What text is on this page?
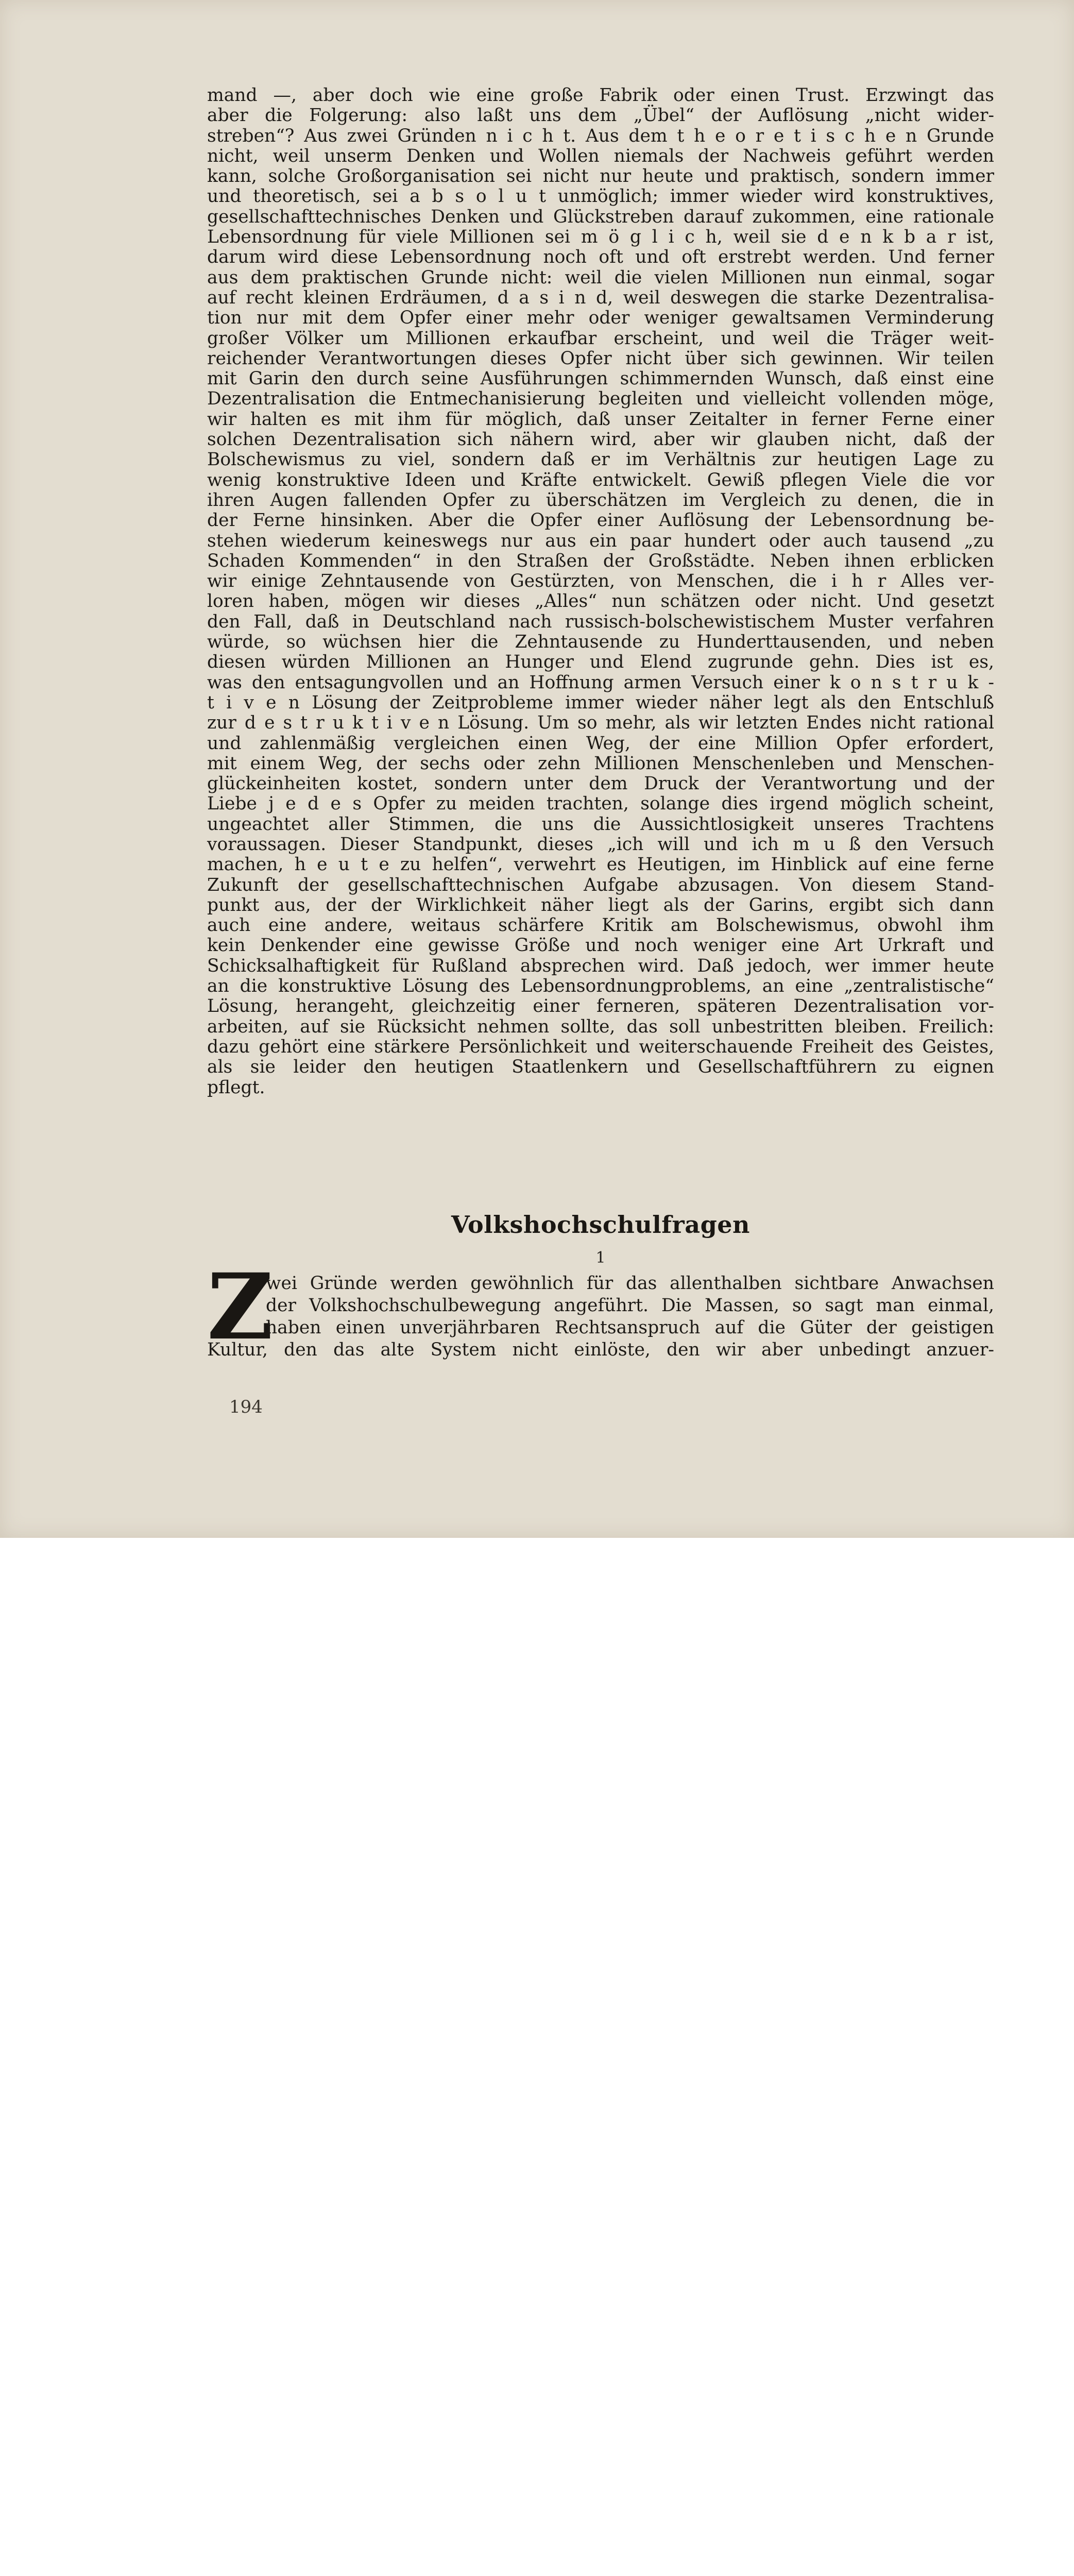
mand —, aber doch wie eine große Fabrik oder einen Trust. Erzwingt das

aber die Folgerung: also laßt uns dem „Übel“ der Auflösung „nicht wider-

streben“? Aus zwei Gründen n i c h t. Aus dem t h e o r e t i s c h e n Grunde

nicht, weil unserm Denken und Wollen niemals der Nachweis geführt werden

kann, solche Großorganisation sei nicht nur heute und praktisch, sondern immer

und theoretisch, sei a b s o l u t unmöglich; immer wieder wird konstruktives,

gesellschafttechnisches Denken und Glückstreben darauf zukommen, eine rationale

Lebensordnung für viele Millionen sei m ö g l i c h, weil sie d e n k b a r ist,

darum wird diese Lebensordnung noch oft und oft erstrebt werden. Und ferner

aus dem praktischen Grunde nicht: weil die vielen Millionen nun einmal, sogar

auf recht kleinen Erdräumen, d a s i n d, weil deswegen die starke Dezentralisa-

tion nur mit dem Opfer einer mehr oder weniger gewaltsamen Verminderung

großer Völker um Millionen erkaufbar erscheint, und weil die Träger weit-

reichender Verantwortungen dieses Opfer nicht über sich gewinnen. Wir teilen

mit Garin den durch seine Ausführungen schimmernden Wunsch, daß einst eine

Dezentralisation die Entmechanisierung begleiten und vielleicht vollenden möge,

wir halten es mit ihm für möglich, daß unser Zeitalter in ferner Ferne einer

solchen Dezentralisation sich nähern wird, aber wir glauben nicht, daß der

Bolschewismus zu viel, sondern daß er im Verhältnis zur heutigen Lage zu

wenig konstruktive Ideen und Kräfte entwickelt. Gewiß pflegen Viele die vor

ihren Augen fallenden Opfer zu überschätzen im Vergleich zu denen, die in

der Ferne hinsinken. Aber die Opfer einer Auflösung der Lebensordnung be-

stehen wiederum keineswegs nur aus ein paar hundert oder auch tausend „zu

Schaden Kommenden“ in den Straßen der Großstädte. Neben ihnen erblicken

wir einige Zehntausende von Gestürzten, von Menschen, die i h r Alles ver-

loren haben, mögen wir dieses „Alles“ nun schätzen oder nicht. Und gesetzt

den Fall, daß in Deutschland nach russisch-bolschewistischem Muster verfahren

würde, so wüchsen hier die Zehntausende zu Hunderttausenden, und neben

diesen würden Millionen an Hunger und Elend zugrunde gehn. Dies ist es,

was den entsagungvollen und an Hoffnung armen Versuch einer k o n s t r u k -

t i v e n Lösung der Zeitprobleme immer wieder näher legt als den Entschluß

zur d e s t r u k t i v e n Lösung. Um so mehr, als wir letzten Endes nicht rational

und zahlenmäßig vergleichen einen Weg, der eine Million Opfer erfordert,

mit einem Weg, der sechs oder zehn Millionen Menschenleben und Menschen-

glückeinheiten kostet, sondern unter dem Druck der Verantwortung und der

Liebe j e d e s Opfer zu meiden trachten, solange dies irgend möglich scheint,

ungeachtet aller Stimmen, die uns die Aussichtlosigkeit unseres Trachtens

voraussagen. Dieser Standpunkt, dieses „ich will und ich m u ß den Versuch

machen, h e u t e zu helfen“, verwehrt es Heutigen, im Hinblick auf eine ferne

Zukunft der gesellschafttechnischen Aufgabe abzusagen. Von diesem Stand-

punkt aus, der der Wirklichkeit näher liegt als der Garins, ergibt sich dann

auch eine andere, weitaus schärfere Kritik am Bolschewismus, obwohl ihm

kein Denkender eine gewisse Größe und noch weniger eine Art Urkraft und

Schicksalhaftigkeit für Rußland absprechen wird. Daß jedoch, wer immer heute

an die konstruktive Lösung des Lebensordnungproblems, an eine „zentralistische“

Lösung, herangeht, gleichzeitig einer ferneren, späteren Dezentralisation vor-

arbeiten, auf sie Rücksicht nehmen sollte, das soll unbestritten bleiben. Freilich:

dazu gehört eine stärkere Persönlichkeit und weiterschauende Freiheit des Geistes,

als sie leider den heutigen Staatlenkern und Gesellschaftführern zu eignen

pflegt.

Volkshochschulfragen
1
Z

wei Gründe werden gewöhnlich für das allenthalben sichtbare Anwachsen

der Volkshochschulbewegung angeführt. Die Massen, so sagt man einmal,

haben einen unverjährbaren Rechtsanspruch auf die Güter der geistigen

Kultur, den das alte System nicht einlöste, den wir aber unbedingt anzuer-

194
